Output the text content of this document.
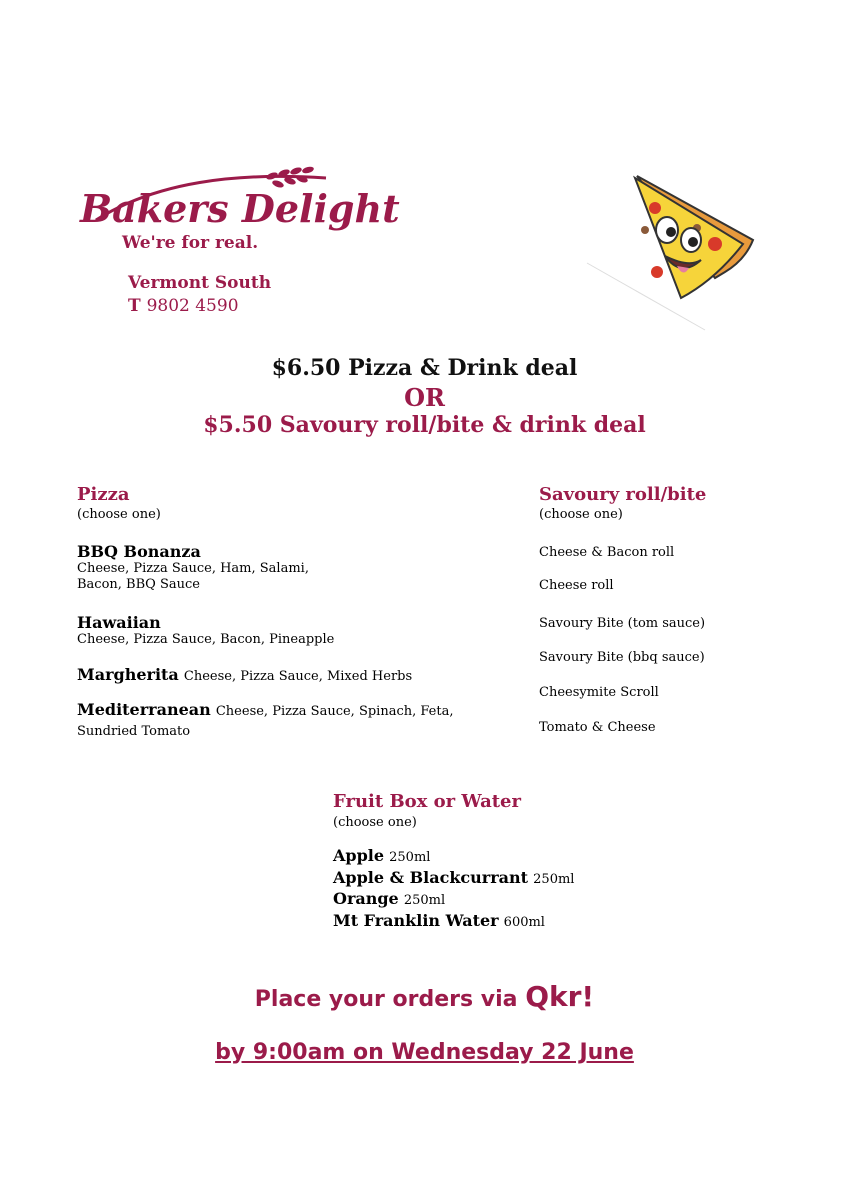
Bakers Delight
We're for real.
Vermont South
T 9802 4590
$6.50 Pizza & Drink deal
OR
$5.50 Savoury roll/bite & drink deal
Pizza
(choose one)
BBQ Bonanza
Cheese, Pizza Sauce, Ham, Salami, Bacon, BBQ Sauce
Hawaiian
Cheese, Pizza Sauce, Bacon, Pineapple
Margherita Cheese, Pizza Sauce, Mixed Herbs
Mediterranean Cheese, Pizza Sauce, Spinach, Feta, Sundried Tomato
Savoury roll/bite
(choose one)
Cheese & Bacon roll
Cheese roll
Savoury Bite (tom sauce)
Savoury Bite (bbq sauce)
Cheesymite Scroll
Tomato & Cheese
Fruit Box or Water
(choose one)
Apple 250ml
Apple & Blackcurrant 250ml
Orange 250ml
Mt Franklin Water 600ml
Place your orders via Qkr!
by 9:00am on Wednesday 22 June
